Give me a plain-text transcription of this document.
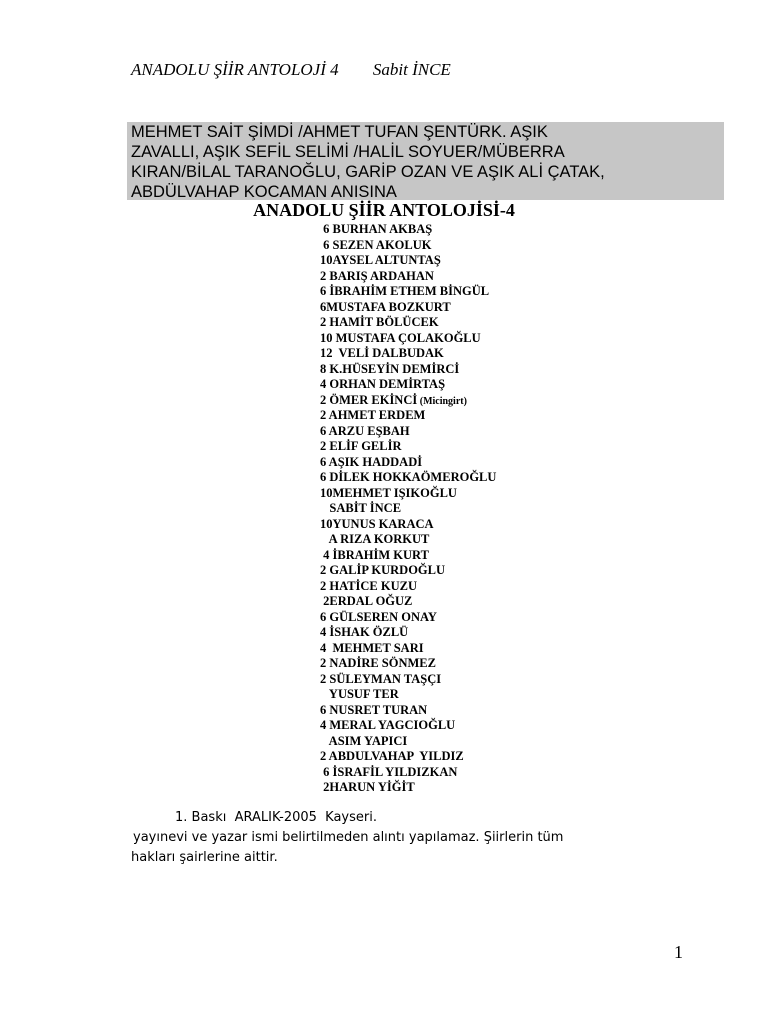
ANADOLU ŞİİR ANTOLOJİ 4 Sabit İNCE
MEHMET SAİT ŞİMDİ /AHMET TUFAN ŞENTÜRK. AŞIK
ZAVALLI, AŞIK SEFİL SELİMİ /HALİL SOYUER/MÜBERRA
KIRAN/BİLAL TARANOĞLU, GARİP OZAN VE AŞIK ALİ ÇATAK,
ABDÜLVAHAP KOCAMAN ANISINA
ANADOLU ŞİİR ANTOLOJİSİ-4
6 BURHAN AKBAŞ
6 SEZEN AKOLUK
10AYSEL ALTUNTAŞ
2 BARIŞ ARDAHAN
6 İBRAHİM ETHEM BİNGÜL
6MUSTAFA BOZKURT
2 HAMİT BÖLÜCEK
10 MUSTAFA ÇOLAKOĞLU
12  VELİ DALBUDAK
8 K.HÜSEYİN DEMİRCİ
4 ORHAN DEMİRTAŞ
2 ÖMER EKİNCİ (Micingirt)
2 AHMET ERDEM
6 ARZU EŞBAH
2 ELİF GELİR
6 AŞIK HADDADİ
6 DİLEK HOKKAÖMEROĞLU
10MEHMET IŞIKOĞLU
SABİT İNCE
10YUNUS KARACA
A RIZA KORKUT
4 İBRAHİM KURT
2 GALİP KURDOĞLU
2 HATİCE KUZU
2ERDAL OĞUZ
6 GÜLSEREN ONAY
4 İSHAK ÖZLÜ
4  MEHMET SARI
2 NADİRE SÖNMEZ
2 SÜLEYMAN TAŞÇI
YUSUF TER
6 NUSRET TURAN
4 MERAL YAGCIOĞLU
ASIM YAPICI
2 ABDULVAHAP  YILDIZ
6 İSRAFİL YILDIZKAN
2HARUN YİĞİT
1. Baskı  ARALIK-2005  Kayseri.
yayınevi ve yazar ismi belirtilmeden alıntı yapılamaz. Şiirlerin tüm
hakları şairlerine aittir.
1
